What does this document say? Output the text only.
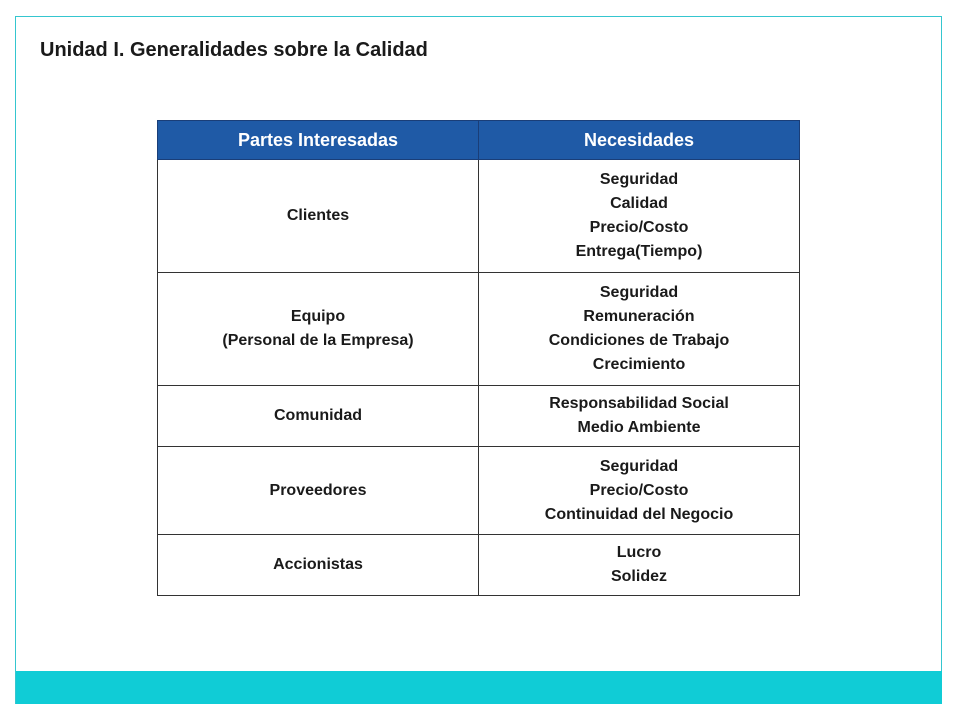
Unidad I. Generalidades sobre la Calidad
Partes Interesadas	Necesidades

Clientes	Seguridad
Calidad
Precio/Costo
Entrega(Tiempo)

Equipo
(Personal de la Empresa)	Seguridad
Remuneración
Condiciones de Trabajo
Crecimiento

Comunidad	Responsabilidad Social
Medio Ambiente

Proveedores	Seguridad
Precio/Costo
Continuidad del Negocio

Accionistas	Lucro
Solidez
